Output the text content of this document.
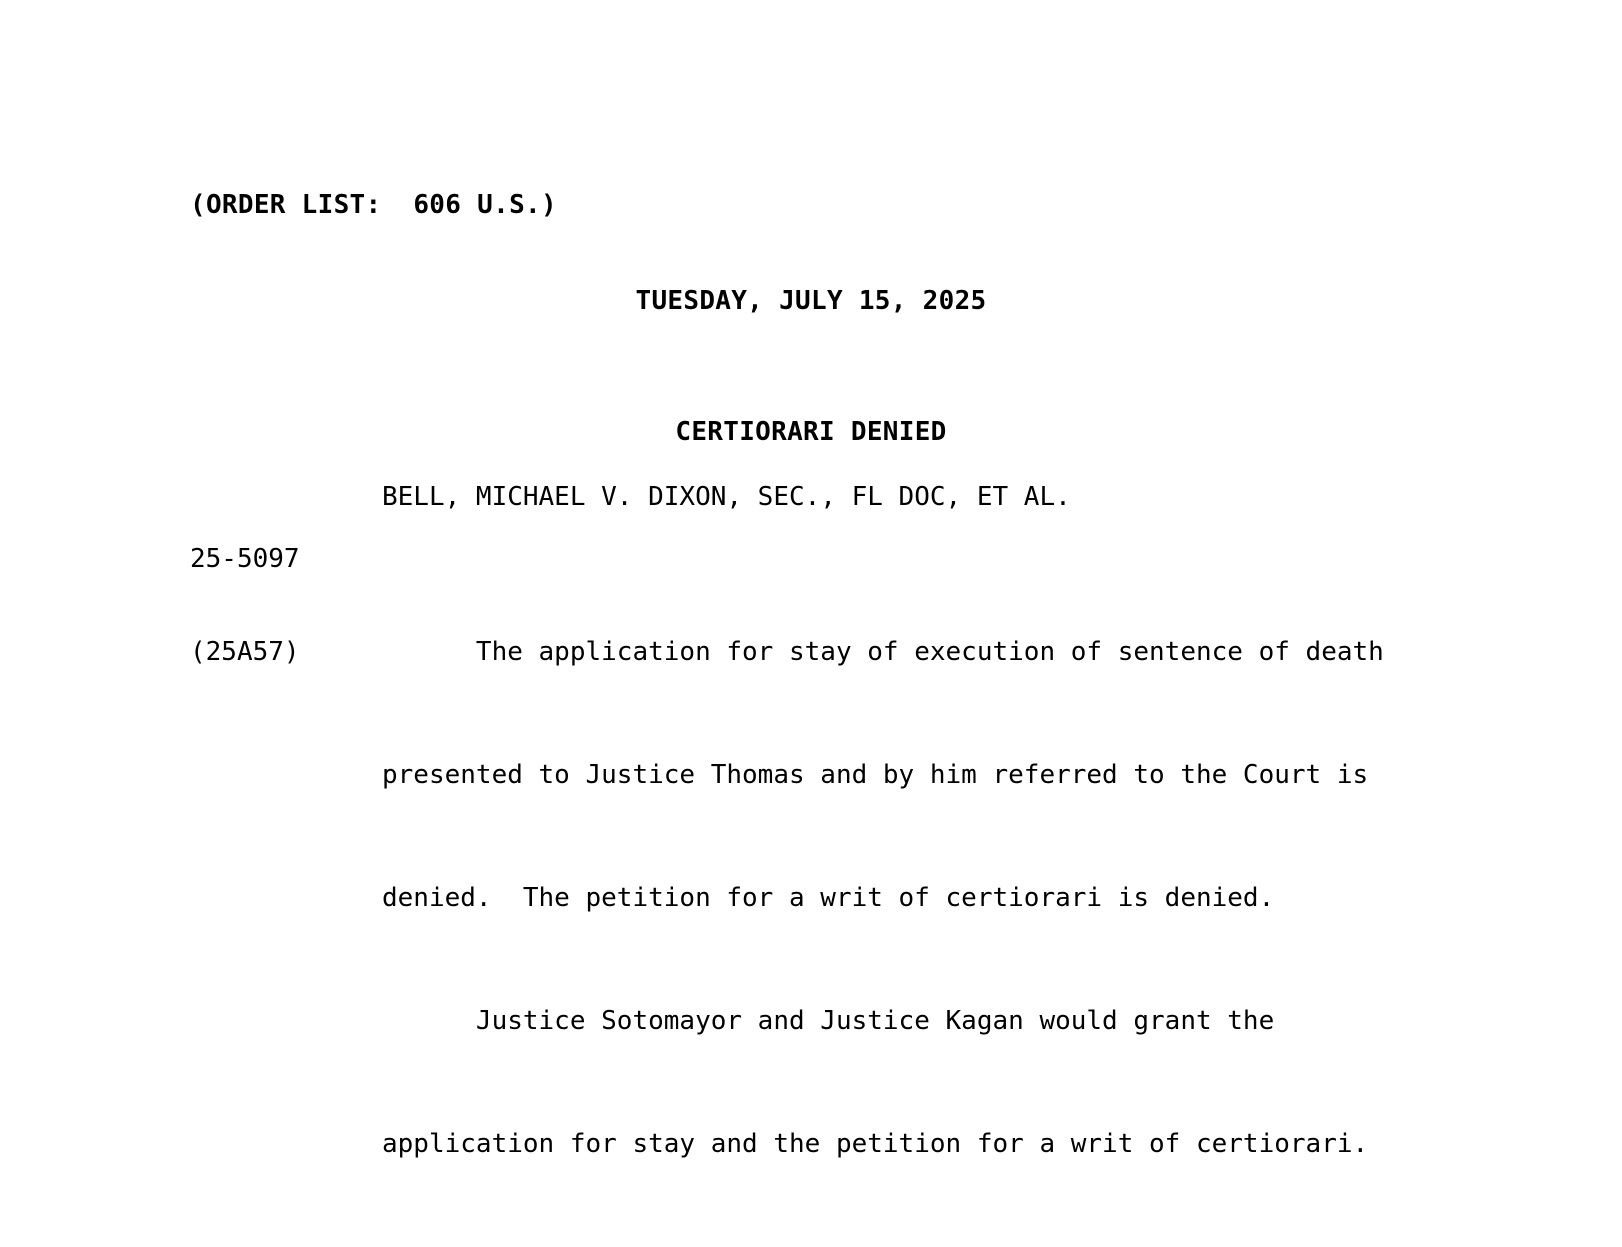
(ORDER LIST:  606 U.S.)
TUESDAY, JULY 15, 2025
CERTIORARI DENIED

25-5097

(25A57)

BELL, MICHAEL V. DIXON, SEC., FL DOC, ET AL.

The application for stay of execution of sentence of death

presented to Justice Thomas and by him referred to the Court is

denied.  The petition for a writ of certiorari is denied.

Justice Sotomayor and Justice Kagan would grant the

application for stay and the petition for a writ of certiorari.
